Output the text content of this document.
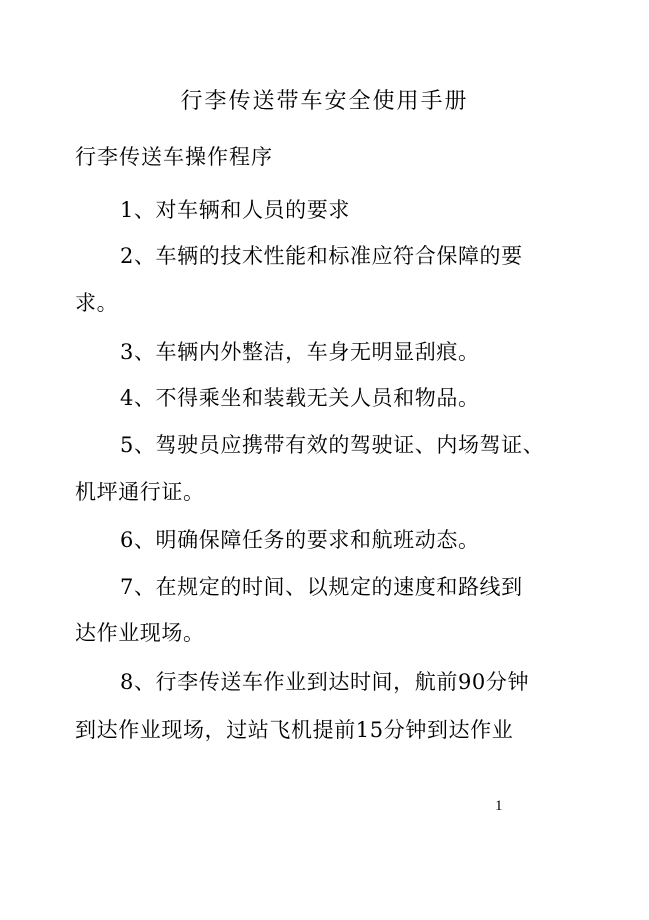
行李传送带车安全使用手册
行李传送车操作程序
1、对车辆和人员的要求
2、车辆的技术性能和标准应符合保障的要
求。
3、车辆内外整洁，车身无明显刮痕。
4、不得乘坐和装载无关人员和物品。
5、驾驶员应携带有效的驾驶证、内场驾证、
机坪通行证。
6、明确保障任务的要求和航班动态。
7、在规定的时间、以规定的速度和路线到
达作业现场。
8、行李传送车作业到达时间，航前90分钟
到达作业现场，过站飞机提前15分钟到达作业
1
